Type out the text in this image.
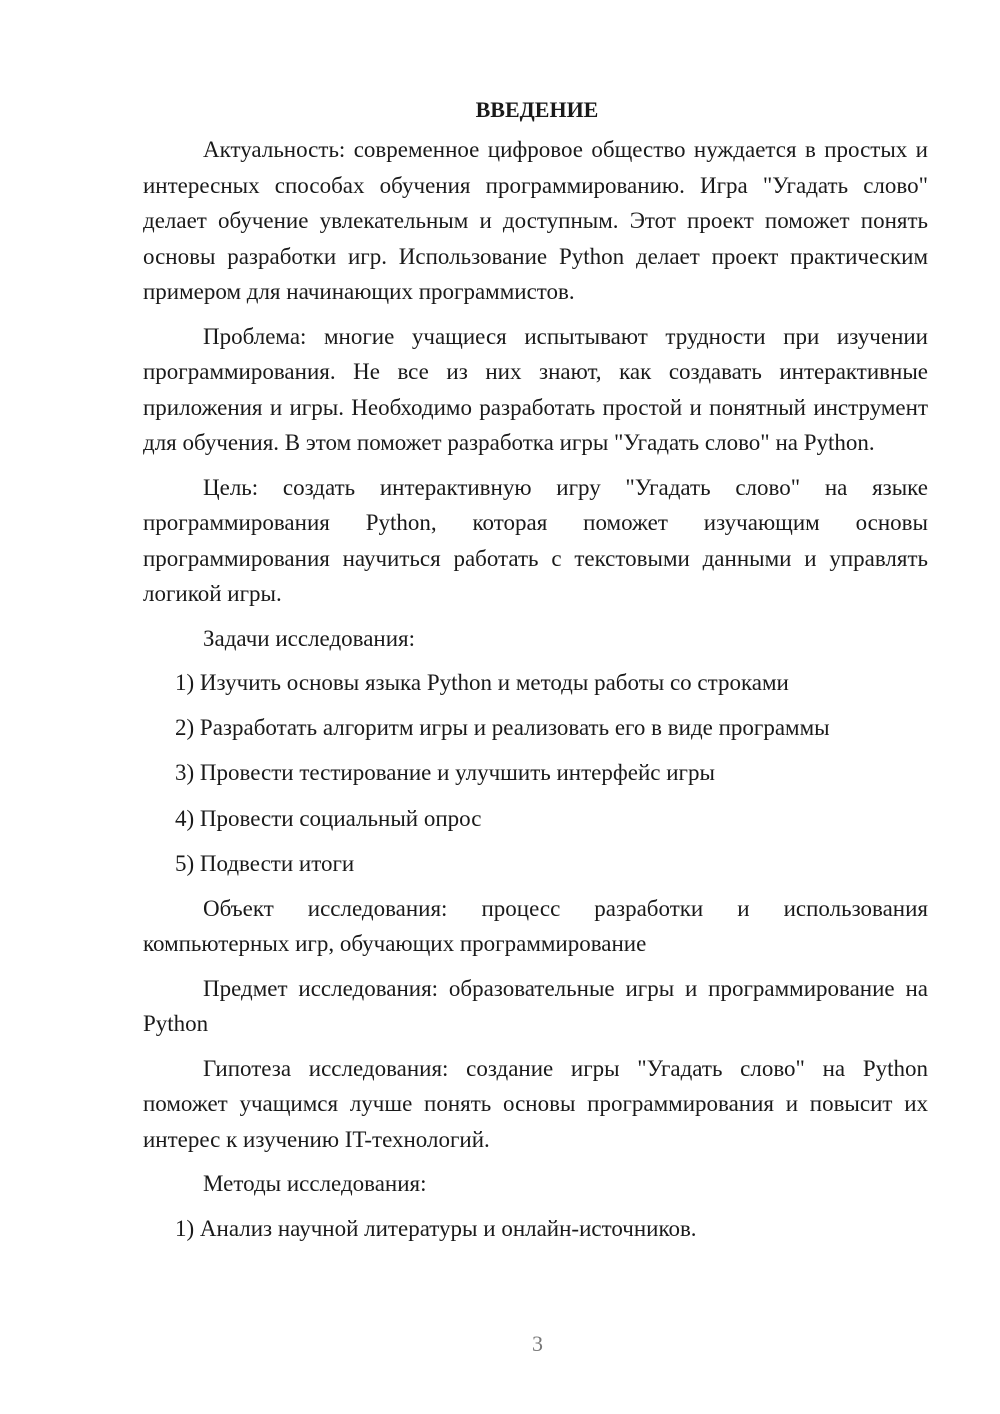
ВВЕДЕНИЕ

Актуальность: современное цифровое общество нуждается в простых и интересных способах обучения программированию. Игра "Угадать слово" делает обучение увлекательным и доступным. Этот проект поможет понять основы разработки игр. Использование Python делает проект практическим примером для начинающих программистов.

Проблема: многие учащиеся испытывают трудности при изучении программирования. Не все из них знают, как создавать интерактивные приложения и игры. Необходимо разработать простой и понятный инструмент для обучения. В этом поможет разработка игры "Угадать слово" на Python.

Цель: создать интерактивную игру "Угадать слово" на языке программирования Python, которая поможет изучающим основы программирования научиться работать с текстовыми данными и управлять логикой игры.

Задачи исследования:

1) Изучить основы языка Python и методы работы со строками
2) Разработать алгоритм игры и реализовать его в виде программы
3) Провести тестирование и улучшить интерфейс игры
4) Провести социальный опрос
5) Подвести итоги

Объект исследования: процесс разработки и использования компьютерных игр, обучающих программирование

Предмет исследования: образовательные игры и программирование на Python

Гипотеза исследования: создание игры "Угадать слово" на Python поможет учащимся лучше понять основы программирования и повысит их интерес к изучению IT-технологий.

Методы исследования:

1) Анализ научной литературы и онлайн-источников.
3
